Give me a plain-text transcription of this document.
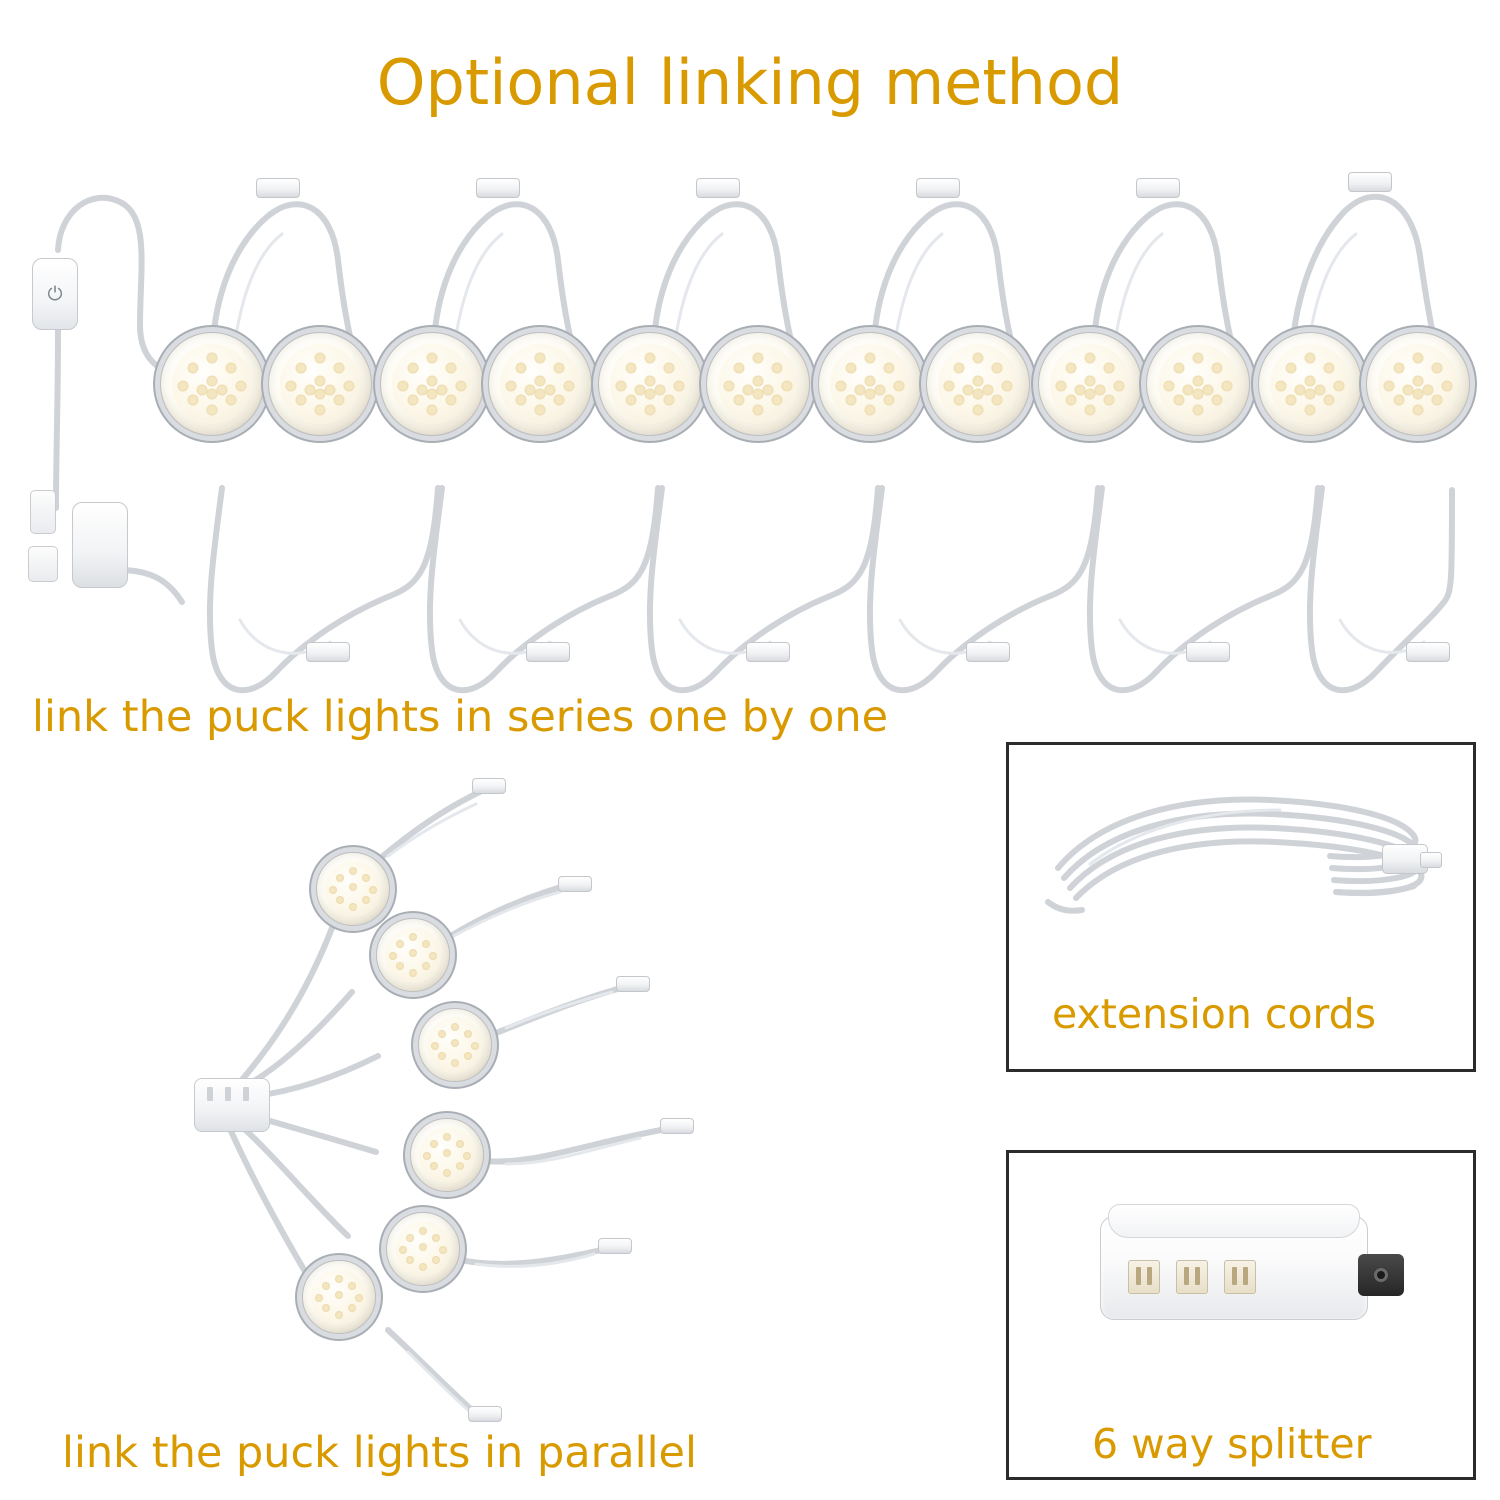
Optional linking method
⏻
link the puck lights in series one by one
link the puck lights in parallel
extension cords
6 way splitter
